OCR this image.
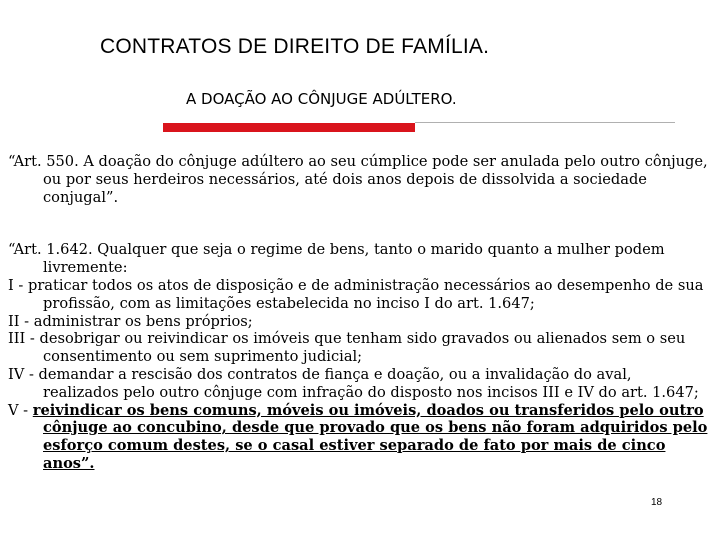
CONTRATOS DE DIREITO DE FAMÍLIA.
A DOAÇÃO AO CÔNJUGE ADÚLTERO.

“Art. 550. A doação do cônjuge adúltero ao seu cúmplice pode ser anulada pelo outro cônjuge, ou por seus herdeiros necessários, até dois anos depois de dissolvida a sociedade conjugal”.

“Art. 1.642. Qualquer que seja o regime de bens, tanto o marido quanto a mulher podem livremente:

I - praticar todos os atos de disposição e de administração necessários ao desempenho de sua profissão, com as limitações estabelecida no inciso I do art. 1.647;

II - administrar os bens próprios;

III - desobrigar ou reivindicar os imóveis que tenham sido gravados ou alienados sem o seu consentimento ou sem suprimento judicial;

IV - demandar a rescisão dos contratos de fiança e doação, ou a invalidação do aval, realizados pelo outro cônjuge com infração do disposto nos incisos III e IV do art. 1.647;

V - reivindicar os bens comuns, móveis ou imóveis, doados ou transferidos pelo outro cônjuge ao concubino, desde que provado que os bens não foram adquiridos pelo esforço comum destes, se o casal estiver separado de fato por mais de cinco anos”.

18
